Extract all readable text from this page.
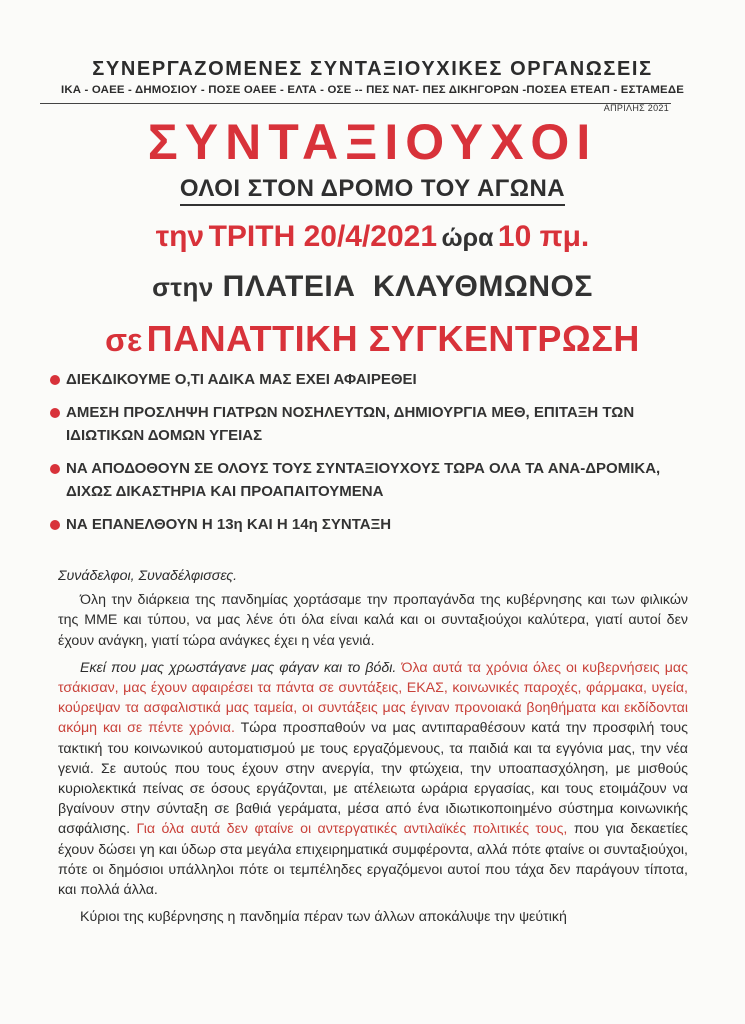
ΣΥΝΕΡΓΑΖΟΜΕΝΕΣ ΣΥΝΤΑΞΙΟΥΧΙΚΕΣ ΟΡΓΑΝΩΣΕΙΣ
ΙΚΑ - ΟΑΕΕ - ΔΗΜΟΣΙΟΥ - ΠΟΣΕ ΟΑΕΕ - ΕΛΤΑ - ΟΣΕ -- ΠΕΣ ΝΑΤ- ΠΕΣ ΔΙΚΗΓΟΡΩΝ -ΠΟΣΕΑ ΕΤΕΑΠ - ΕΣΤΑΜΕΔΕ
ΑΠΡΙΛΗΣ 2021
ΣΥΝΤΑΞΙΟΥΧΟΙ
ΟΛΟΙ ΣΤΟΝ ΔΡΟΜΟ ΤΟΥ ΑΓΩΝΑ
την ΤΡΙΤΗ 20/4/2021 ώρα 10 πμ.
στην ΠΛΑΤΕΙΑ  ΚΛΑΥΘΜΩΝΟΣ
σε ΠΑΝΑΤΤΙΚΗ ΣΥΓΚΕΝΤΡΩΣΗ
ΔΙΕΚΔΙΚΟΥΜΕ Ο,ΤΙ ΑΔΙΚΑ ΜΑΣ ΕΧΕΙ ΑΦΑΙΡΕΘΕΙ
ΑΜΕΣΗ ΠΡΟΣΛΗΨΗ ΓΙΑΤΡΩΝ ΝΟΣΗΛΕΥΤΩΝ, ΔΗΜΙΟΥΡΓΙΑ ΜΕΘ, ΕΠΙΤΑΞΗ ΤΩΝ ΙΔΙΩΤΙΚΩΝ ΔΟΜΩΝ ΥΓΕΙΑΣ
ΝΑ ΑΠΟΔΟΘΟΥΝ ΣΕ ΟΛΟΥΣ ΤΟΥΣ ΣΥΝΤΑΞΙΟΥΧΟΥΣ ΤΩΡΑ ΟΛΑ ΤΑ ΑΝΑ-ΔΡΟΜΙΚΑ, ΔΙΧΩΣ ΔΙΚΑΣΤΗΡΙΑ ΚΑΙ ΠΡΟΑΠΑΙΤΟΥΜΕΝΑ
ΝΑ ΕΠΑΝΕΛΘΟΥΝ Η 13η ΚΑΙ Η 14η ΣΥΝΤΑΞΗ

Συνάδελφοι, Συναδέλφισσες.

Όλη την διάρκεια της πανδημίας χορτάσαμε την προπαγάνδα της κυβέρνησης και των φιλικών της ΜΜΕ και τύπου, να μας λένε ότι όλα είναι καλά και οι συνταξιούχοι καλύτερα, γιατί αυτοί δεν έχουν ανάγκη, γιατί τώρα ανάγκες έχει η νέα γενιά.

Εκεί που μας χρωστάγανε μας φάγαν και το βόδι. Όλα αυτά τα χρόνια όλες οι κυβερνήσεις μας τσάκισαν, μας έχουν αφαιρέσει τα πάντα σε συντάξεις, ΕΚΑΣ, κοινωνικές παροχές, φάρμακα, υγεία, κούρεψαν τα ασφαλιστικά μας ταμεία, οι συντάξεις μας έγιναν προνοιακά βοηθήματα και εκδίδονται ακόμη και σε πέντε χρόνια. Τώρα προσπαθούν να μας αντιπαραθέσουν κατά την προσφιλή τους τακτική του κοινωνικού αυτοματισμού με τους εργαζόμενους, τα παιδιά και τα εγγόνια μας, την νέα γενιά. Σε αυτούς που τους έχουν στην ανεργία, την φτώχεια, την υποαπασχόληση, με μισθούς κυριολεκτικά πείνας σε όσους εργάζονται, με ατέλειωτα ωράρια εργασίας, και τους ετοιμάζουν να βγαίνουν στην σύνταξη σε βαθιά γεράματα, μέσα από ένα ιδιωτικοποιημένο σύστημα κοινωνικής ασφάλισης. Για όλα αυτά δεν φταίνε οι αντεργατικές αντιλαϊκές πολιτικές τους, που για δεκαετίες έχουν δώσει γη και ύδωρ στα μεγάλα επιχειρηματικά συμφέροντα, αλλά πότε φταίνε οι συνταξιούχοι, πότε οι δημόσιοι υπάλληλοι πότε οι τεμπέληδες εργαζόμενοι αυτοί που τάχα δεν παράγουν τίποτα, και πολλά άλλα.

Κύριοι της κυβέρνησης η πανδημία πέραν των άλλων αποκάλυψε την ψεύτική
